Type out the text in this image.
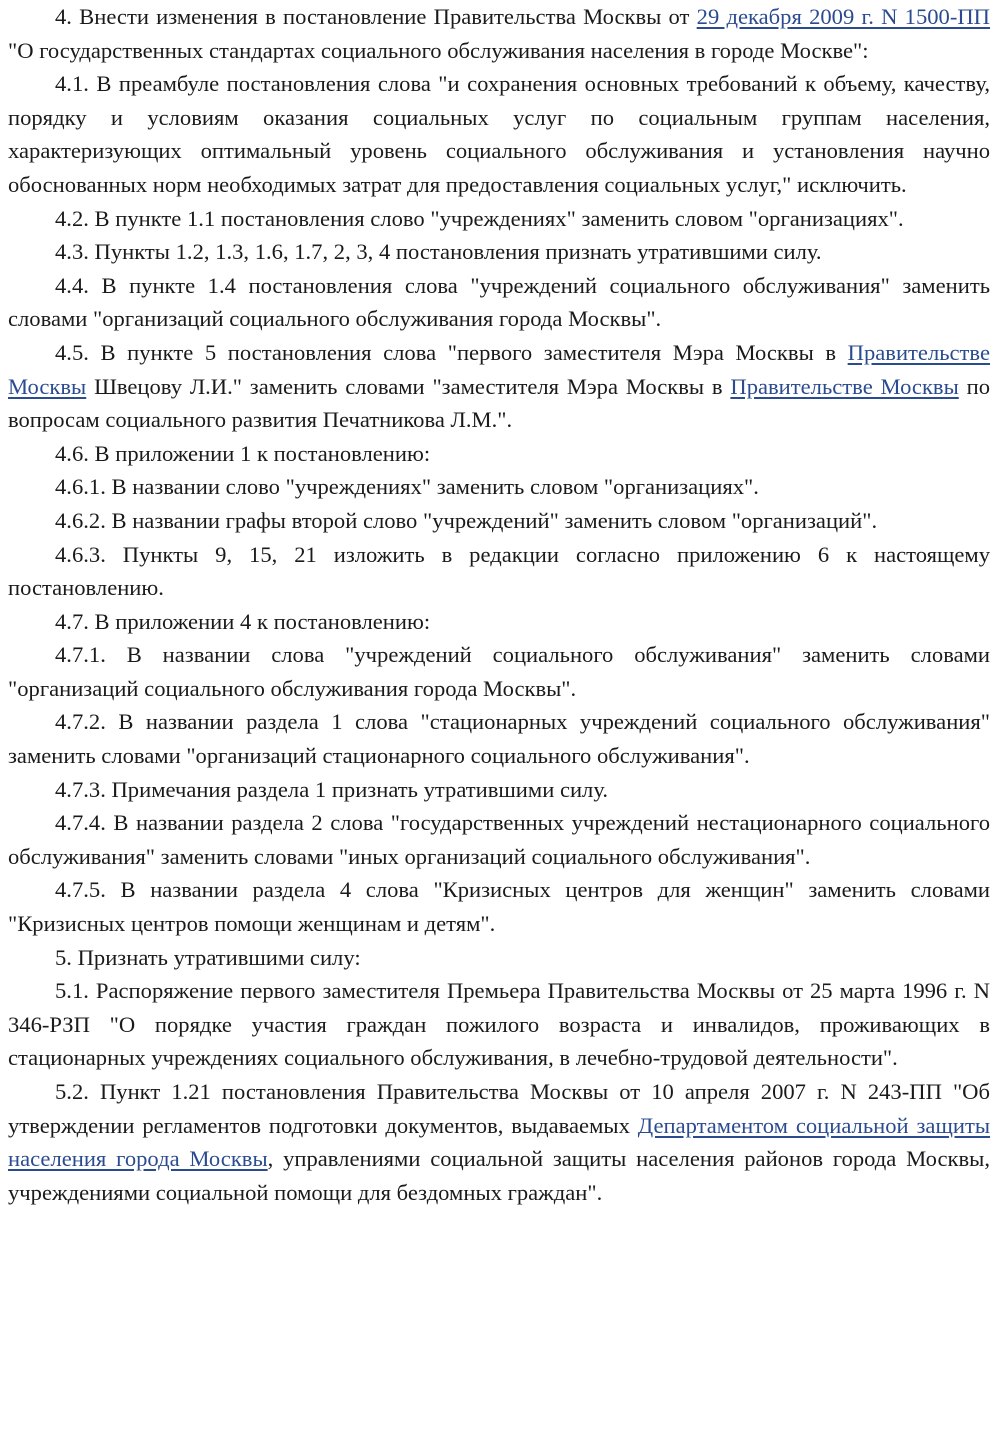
4. Внести изменения в постановление Правительства Москвы от 29 декабря 2009 г. N 1500-ПП "О государственных стандартах социального обслуживания населения в городе Москве":

4.1. В преамбуле постановления слова "и сохранения основных требований к объему, качеству, порядку и условиям оказания социальных услуг по социальным группам населения, характеризующих оптимальный уровень социального обслуживания и установления научно обоснованных норм необходимых затрат для предоставления социальных услуг," исключить.

4.2. В пункте 1.1 постановления слово "учреждениях" заменить словом "организациях".

4.3. Пункты 1.2, 1.3, 1.6, 1.7, 2, 3, 4 постановления признать утратившими силу.

4.4. В пункте 1.4 постановления слова "учреждений социального обслуживания" заменить словами "организаций социального обслуживания города Москвы".

4.5. В пункте 5 постановления слова "первого заместителя Мэра Москвы в Правительстве Москвы Швецову Л.И." заменить словами "заместителя Мэра Москвы в Правительстве Москвы по вопросам социального развития Печатникова Л.М.".

4.6. В приложении 1 к постановлению:

4.6.1. В названии слово "учреждениях" заменить словом "организациях".

4.6.2. В названии графы второй слово "учреждений" заменить словом "организаций".

4.6.3. Пункты 9, 15, 21 изложить в редакции согласно приложению 6 к настоящему постановлению.

4.7. В приложении 4 к постановлению:

4.7.1. В названии слова "учреждений социального обслуживания" заменить словами "организаций социального обслуживания города Москвы".

4.7.2. В названии раздела 1 слова "стационарных учреждений социального обслуживания" заменить словами "организаций стационарного социального обслуживания".

4.7.3. Примечания раздела 1 признать утратившими силу.

4.7.4. В названии раздела 2 слова "государственных учреждений нестационарного социального обслуживания" заменить словами "иных организаций социального обслуживания".

4.7.5. В названии раздела 4 слова "Кризисных центров для женщин" заменить словами "Кризисных центров помощи женщинам и детям".

5. Признать утратившими силу:

5.1. Распоряжение первого заместителя Премьера Правительства Москвы от 25 марта 1996 г. N 346-РЗП "О порядке участия граждан пожилого возраста и инвалидов, проживающих в стационарных учреждениях социального обслуживания, в лечебно-трудовой деятельности".

5.2. Пункт 1.21 постановления Правительства Москвы от 10 апреля 2007 г. N 243-ПП "Об утверждении регламентов подготовки документов, выдаваемых Департаментом социальной защиты населения города Москвы, управлениями социальной защиты населения районов города Москвы, учреждениями социальной помощи для бездомных граждан".
